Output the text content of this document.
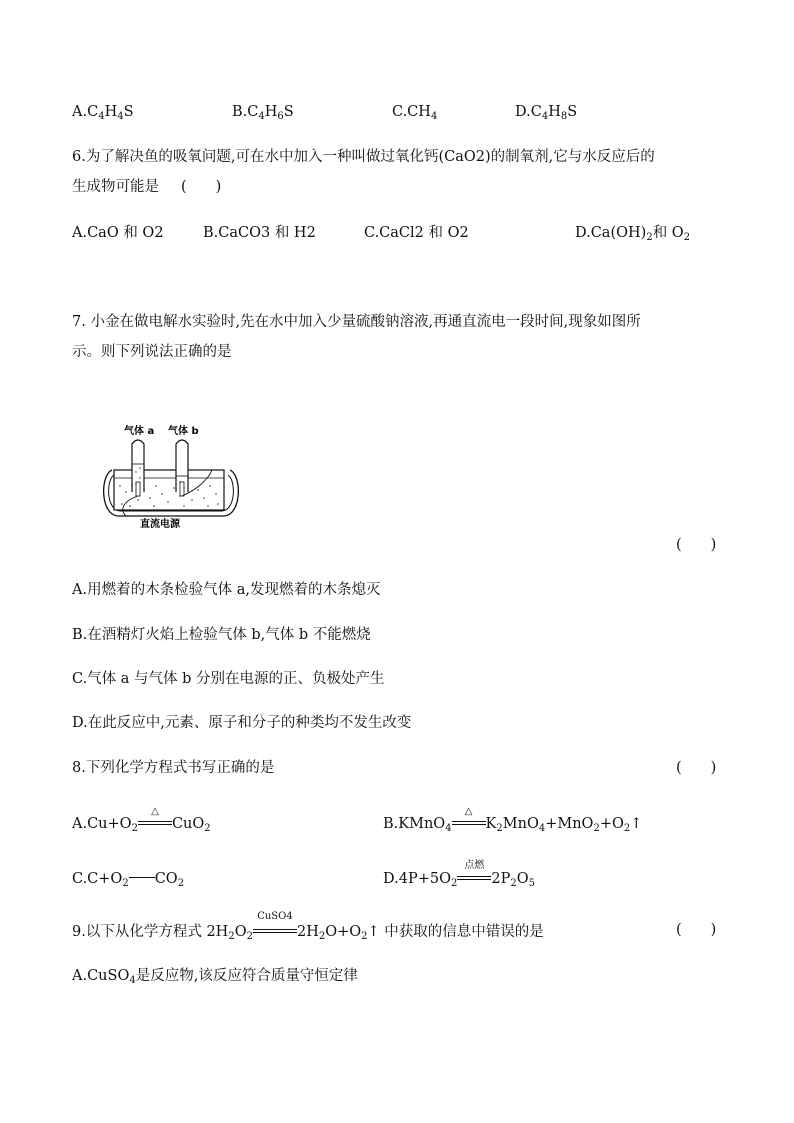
$A.C_4H_4S$	$B.C_4H_6S$	$C.CH_4$	$D.C_4H_8S$
6.为了解决鱼的吸氧问题,可在水中加入一种叫做过氧化钙(CaO2)的制氧剂,它与水反应后的
生成物可能是 (　　)
A.CaO 和 O2	B.CaCO3 和 H2	C.CaCl2 和 O2	$D.Ca(OH)_2$和 $O_2$
7. 小金在做电解水实验时,先在水中加入少量硫酸钠溶液,再通直流电一段时间,现象如图所
示。则下列说法正确的是
气体 a 气体 b
直流电源
(　　)
A.用燃着的木条检验气体 a,发现燃着的木条熄灭
B.在酒精灯火焰上检验气体 b,气体 b 不能燃烧
C.气体 a 与气体 b 分别在电源的正、负极处产生
D.在此反应中,元素、原子和分子的种类均不发生改变
8.下列化学方程式书写正确的是	(　　)
$A.Cu+O_2$
△
CuO$_2$	B.KMnO$_4$
△
$K_2MnO_4+MnO_2+O_2↑$
$C.C+O_2$ $CO_2$	$D.4P+5O_2$
点燃
$2P_2O_5$
9.以下从化学方程式 $2H_2O_2$
CuSO4
$2H_2O+O_2↑$ 中获取的信息中错误的是	(　　)
A.CuSO$_4$是反应物,该反应符合质量守恒定律
